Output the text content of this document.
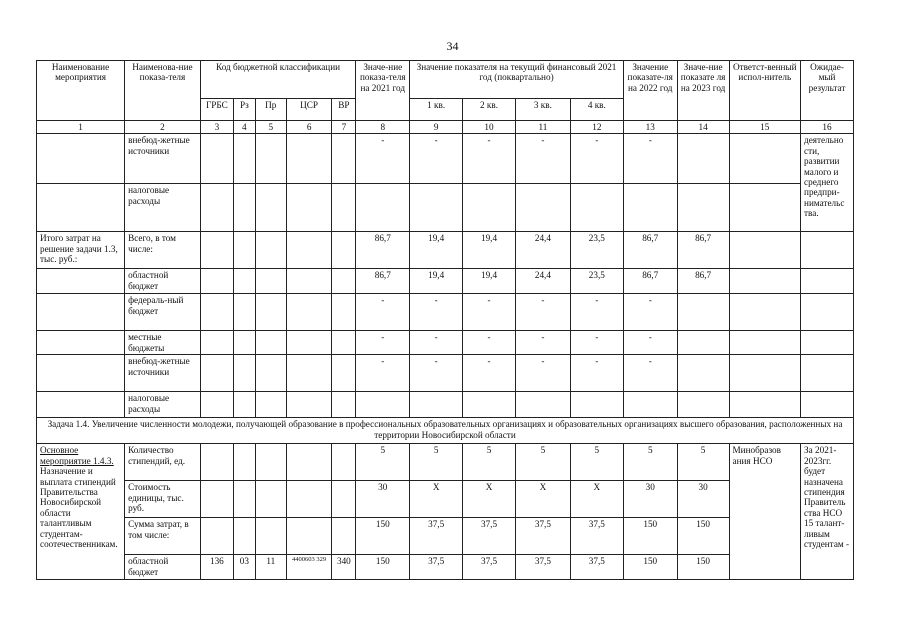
34
Наименование мероприятия	Наименова-ние показа-теля	Код бюджетной классификации					Значе-ние показа-теля на 2021 год	Значение показателя на текущий финансовый 2021 год (поквартально)				Значение показате-ля на 2022 год	Значе-ние показате ля на 2023 год	Ответст-венный испол-нитель	Ожидае-мый результат
		ГРБС	Рз	Пр	ЦСР	ВР		1 кв.	2 кв.	3 кв.	4 кв.				
1	2	3	4	5	6	7	8	9	10	11	12	13	14	15	16
	внебюд-жетные источники						-	-	-	-	-	-			деятельно сти, развитии малого и среднего предпри-нимательс тва.
	налоговые расходы														
Итого затрат на решение задачи 1.3, тыс. руб.:	Всего, в том числе:						86,7	19,4	19,4	24,4	23,5	86,7	86,7		
	областной бюджет						86,7	19,4	19,4	24,4	23,5	86,7	86,7		
	федераль-ный бюджет						-	-	-	-	-	-			
	местные бюджеты						-	-	-	-	-	-			
	внебюд-жетные источники						-	-	-	-	-	-			
	налоговые расходы														
Задача 1.4. Увеличение численности молодежи, получающей образование в профессиональных образовательных организациях и образовательных организациях высшего образования, расположенных на территории Новосибирской области															
Основное мероприятие 1.4.3.
Назначение и выплата стипендий Правительства Новосибирской области талантливым студентам-соотечественникам.	Количество стипендий, ед.						5	5	5	5	5	5	5	Минобразов ания НСО	За 2021-2023гг. будет назначена стипендия Правитель ства НСО 15 талант-ливым студентам -
	Стоимость единицы, тыс. руб.						30	Х	Х	Х	Х	30	30		
	Сумма затрат, в том числе:						150	37,5	37,5	37,5	37,5	150	150		
	областной бюджет	136	03	11	4400603 329	340	150	37,5	37,5	37,5	37,5	150	150		
